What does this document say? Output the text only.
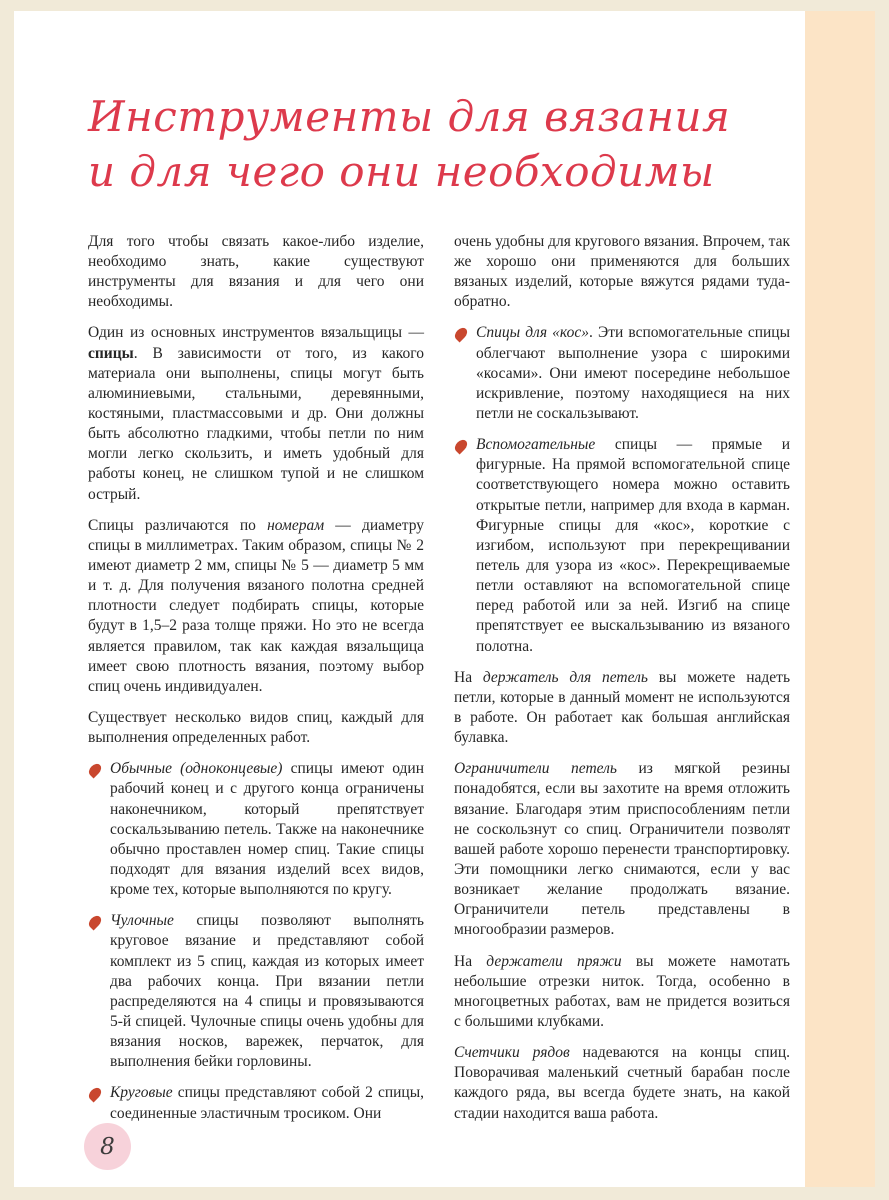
Инструменты для вязания
и для чего они необходимы

Для того чтобы связать какое-либо изделие, необходимо знать, какие существуют инструменты для вязания и для чего они необходимы.

Один из основных инструментов вязальщицы — спицы. В зависимости от того, из какого материала они выполнены, спицы могут быть алюминиевыми, стальными, деревянными, костяными, пластмассовыми и др. Они должны быть абсолютно гладкими, чтобы петли по ним могли легко скользить, и иметь удобный для работы конец, не слишком тупой и не слишком острый.

Спицы различаются по номерам — диаметру спицы в миллиметрах. Таким образом, спицы № 2 имеют диаметр 2 мм, спицы № 5 — диаметр 5 мм и т. д. Для получения вязаного полотна средней плотности следует подбирать спицы, которые будут в 1,5–2 раза толще пряжи. Но это не всегда является правилом, так как каждая вязальщица имеет свою плотность вязания, поэтому выбор спиц очень индивидуален.

Существует несколько видов спиц, каждый для выполнения определенных работ.

Обычные (одноконцевые) спицы имеют один рабочий конец и с другого конца ограничены наконечником, который препятствует соскальзыванию петель. Также на наконечнике обычно проставлен номер спиц. Такие спицы подходят для вязания изделий всех видов, кроме тех, которые выполняются по кругу.

Чулочные спицы позволяют выполнять круговое вязание и представляют собой комплект из 5 спиц, каждая из которых имеет два рабочих конца. При вязании петли распределяются на 4 спицы и провязываются 5-й спицей. Чулочные спицы очень удобны для вязания носков, варежек, перчаток, для выполнения бейки горловины.

Круговые спицы представляют собой 2 спицы, соединенные эластичным тросиком. Они

очень удобны для кругового вязания. Впрочем, так же хорошо они применяются для больших вязаных изделий, которые вяжутся рядами туда-обратно.

Спицы для «кос». Эти вспомогательные спицы облегчают выполнение узора с широкими «косами». Они имеют посередине небольшое искривление, поэтому находящиеся на них петли не соскальзывают.

Вспомогательные спицы — прямые и фигурные. На прямой вспомогательной спице соответствующего номера можно оставить открытые петли, например для входа в карман. Фигурные спицы для «кос», короткие с изгибом, используют при перекрещивании петель для узора из «кос». Перекрещиваемые петли оставляют на вспомогательной спице перед работой или за ней. Изгиб на спице препятствует ее выскальзыванию из вязаного полотна.

На держатель для петель вы можете надеть петли, которые в данный момент не используются в работе. Он работает как большая английская булавка.

Ограничители петель из мягкой резины понадобятся, если вы захотите на время отложить вязание. Благодаря этим приспособлениям петли не соскользнут со спиц. Ограничители позволят вашей работе хорошо перенести транспортировку. Эти помощники легко снимаются, если у вас возникает желание продолжать вязание. Ограничители петель представлены в многообразии размеров.

На держатели пряжи вы можете намотать небольшие отрезки ниток. Тогда, особенно в многоцветных работах, вам не придется возиться с большими клубками.

Счетчики рядов надеваются на концы спиц. Поворачивая маленький счетный барабан после каждого ряда, вы всегда будете знать, на какой стадии находится ваша работа.

8
